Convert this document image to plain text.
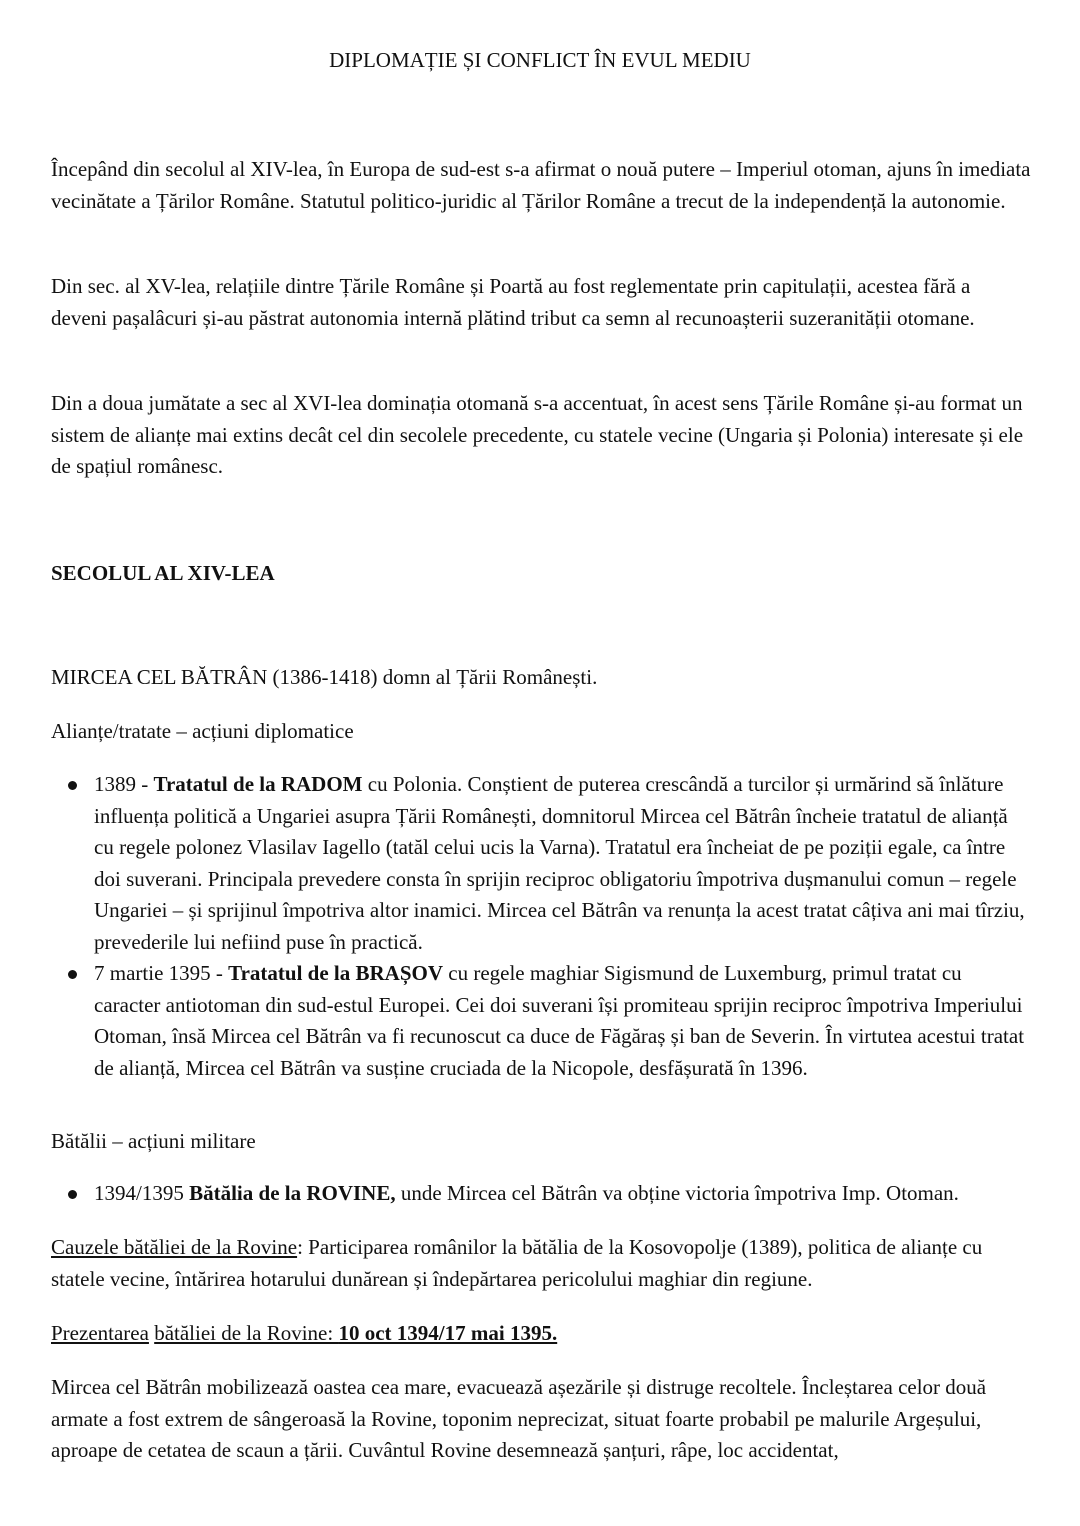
DIPLOMAȚIE ȘI CONFLICT ÎN EVUL MEDIU
Începând din secolul al XIV-lea, în Europa de sud-est s-a afirmat o nouă putere – Imperiul otoman, ajuns în imediata vecinătate a Țărilor Române. Statutul politico-juridic al Țărilor Române a trecut de la independență la autonomie.
Din sec. al XV-lea, relațiile dintre Țările Române și Poartă au fost reglementate prin capitulații, acestea fără a deveni pașalâcuri și-au păstrat autonomia internă plătind tribut ca semn al recunoașterii suzeranității otomane.
Din a doua jumătate a sec al XVI-lea dominația otomană s-a accentuat, în acest sens Țările Române și-au format un sistem de alianțe mai extins decât cel din secolele precedente, cu statele vecine (Ungaria și Polonia) interesate și ele de spațiul românesc.
SECOLUL AL XIV-LEA
MIRCEA CEL BĂTRÂN (1386-1418) domn al Țării Românești.
Alianțe/tratate – acțiuni diplomatice
1389 - Tratatul de la RADOM cu Polonia. Conștient de puterea crescândă a turcilor și urmărind să înlăture influența politică a Ungariei asupra Țării Românești, domnitorul Mircea cel Bătrân încheie tratatul de alianță cu regele polonez Vlasilav Iagello (tatăl celui ucis la Varna). Tratatul era încheiat de pe poziții egale, ca între doi suverani. Principala prevedere consta în sprijin reciproc obligatoriu împotriva dușmanului comun – regele Ungariei – și sprijinul împotriva altor inamici. Mircea cel Bătrân va renunța la acest tratat câțiva ani mai tîrziu, prevederile lui nefiind puse în practică.
7 martie 1395 - Tratatul de la BRAȘOV cu regele maghiar Sigismund de Luxemburg, primul tratat cu caracter antiotoman din sud-estul Europei. Cei doi suverani își promiteau sprijin reciproc împotriva Imperiului Otoman, însă Mircea cel Bătrân va fi recunoscut ca duce de Făgăraș și ban de Severin. În virtutea acestui tratat de alianță, Mircea cel Bătrân va susține cruciada de la Nicopole, desfășurată în 1396.
Bătălii – acțiuni militare
1394/1395 Bătălia de la ROVINE, unde Mircea cel Bătrân va obține victoria împotriva Imp. Otoman.
Cauzele bătăliei de la Rovine: Participarea românilor la bătălia de la Kosovopolje (1389), politica de alianțe cu statele vecine, întărirea hotarului dunărean și îndepărtarea pericolului maghiar din regiune.
Prezentarea bătăliei de la Rovine: 10 oct 1394/17 mai 1395.
Mircea cel Bătrân mobilizează oastea cea mare, evacuează așezările și distruge recoltele. Încleștarea celor două armate a fost extrem de sângeroasă la Rovine, toponim neprecizat, situat foarte probabil pe malurile Argeșului, aproape de cetatea de scaun a țării. Cuvântul Rovine desemnează șanțuri, râpe, loc accidentat,
